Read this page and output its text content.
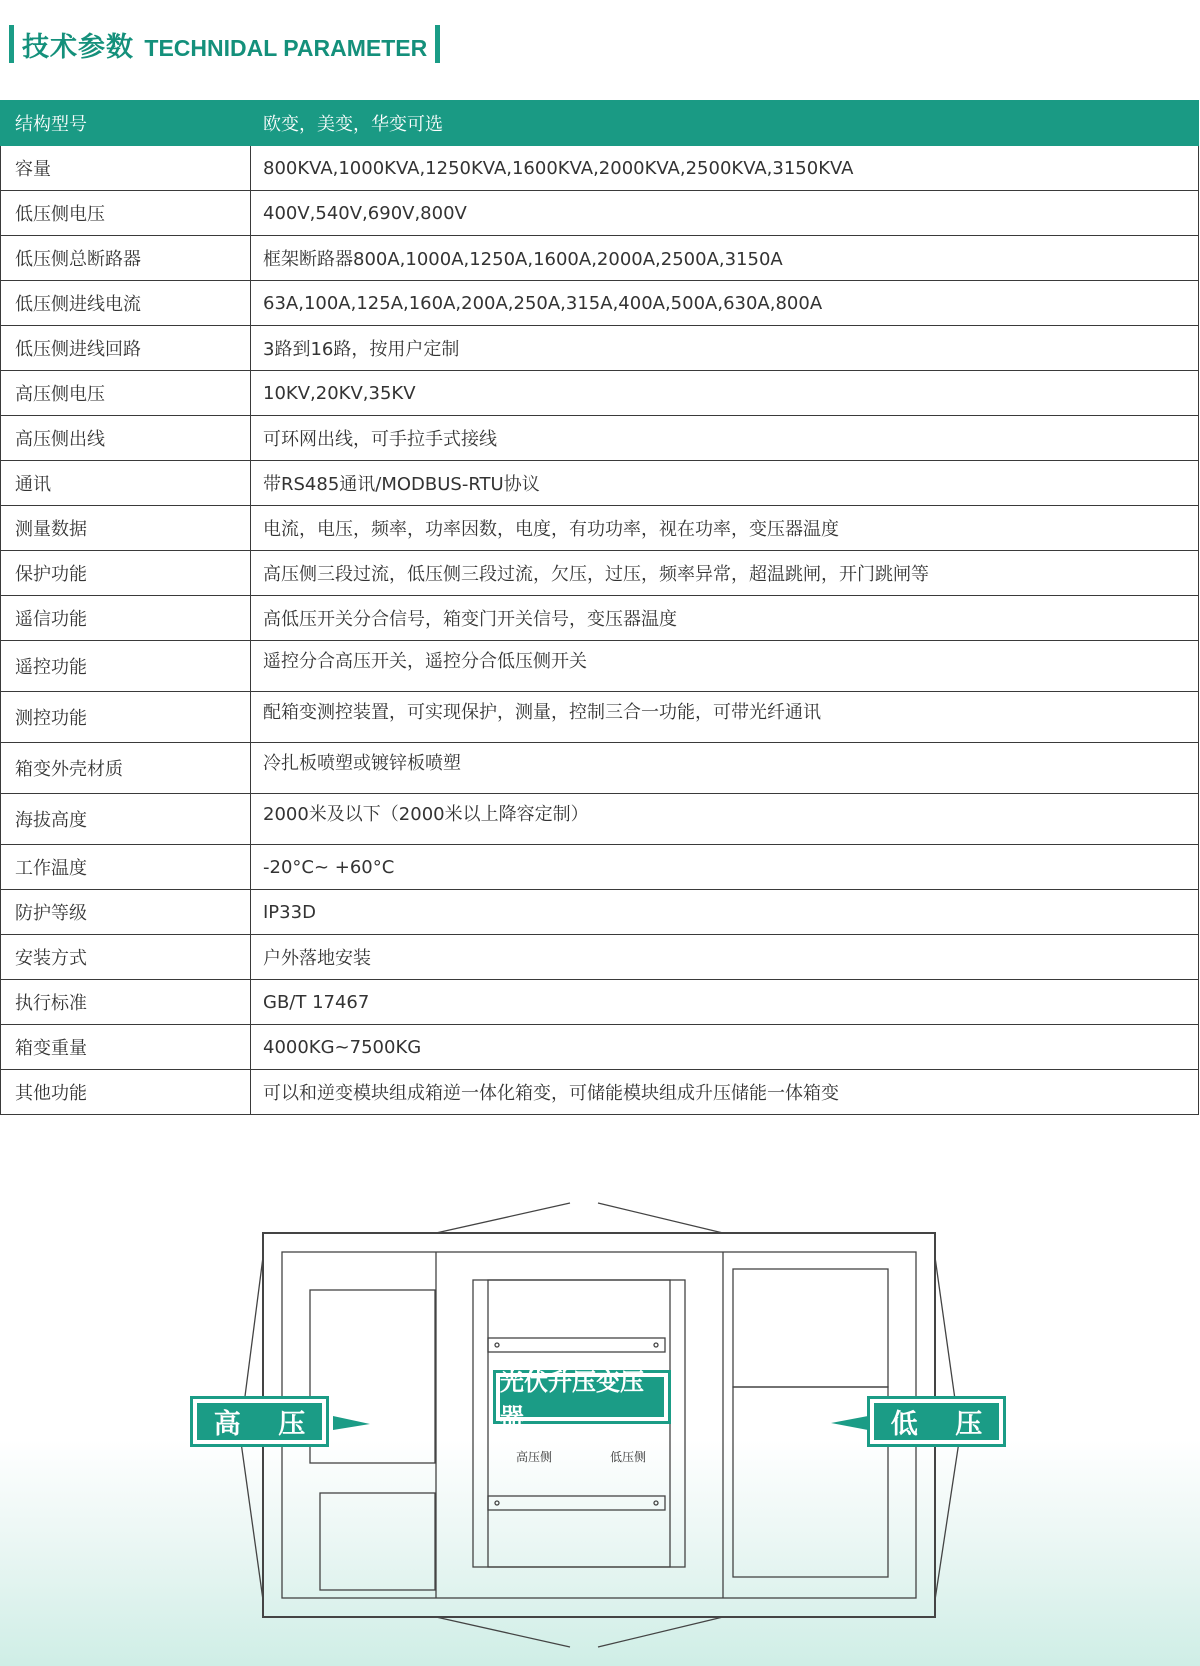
技术参数 TECHNIDAL PARAMETER
结构型号	欧变，美变，华变可选
容量	800KVA,1000KVA,1250KVA,1600KVA,2000KVA,2500KVA,3150KVA
低压侧电压	400V,540V,690V,800V
低压侧总断路器	框架断路器800A,1000A,1250A,1600A,2000A,2500A,3150A
低压侧进线电流	63A,100A,125A,160A,200A,250A,315A,400A,500A,630A,800A
低压侧进线回路	3路到16路，按用户定制
高压侧电压	10KV,20KV,35KV
高压侧出线	可环网出线，可手拉手式接线
通讯	带RS485通讯/MODBUS-RTU协议
测量数据	电流，电压，频率，功率因数，电度，有功功率，视在功率，变压器温度
保护功能	高压侧三段过流，低压侧三段过流，欠压，过压，频率异常，超温跳闸，开门跳闸等
遥信功能	高低压开关分合信号，箱变门开关信号，变压器温度
遥控功能	遥控分合高压开关，遥控分合低压侧开关
测控功能	配箱变测控装置，可实现保护，测量，控制三合一功能，可带光纤通讯
箱变外壳材质	冷扎板喷塑或镀锌板喷塑
海拔高度	2000米及以下（2000米以上降容定制）
工作温度	-20°C~ +60°C
防护等级	IP33D
安装方式	户外落地安装
执行标准	GB/T 17467
箱变重量	4000KG~7500KG
其他功能	可以和逆变模块组成箱逆一体化箱变，可储能模块组成升压储能一体箱变
高 压	低 压
光伏升压变压器
高压侧	低压侧
